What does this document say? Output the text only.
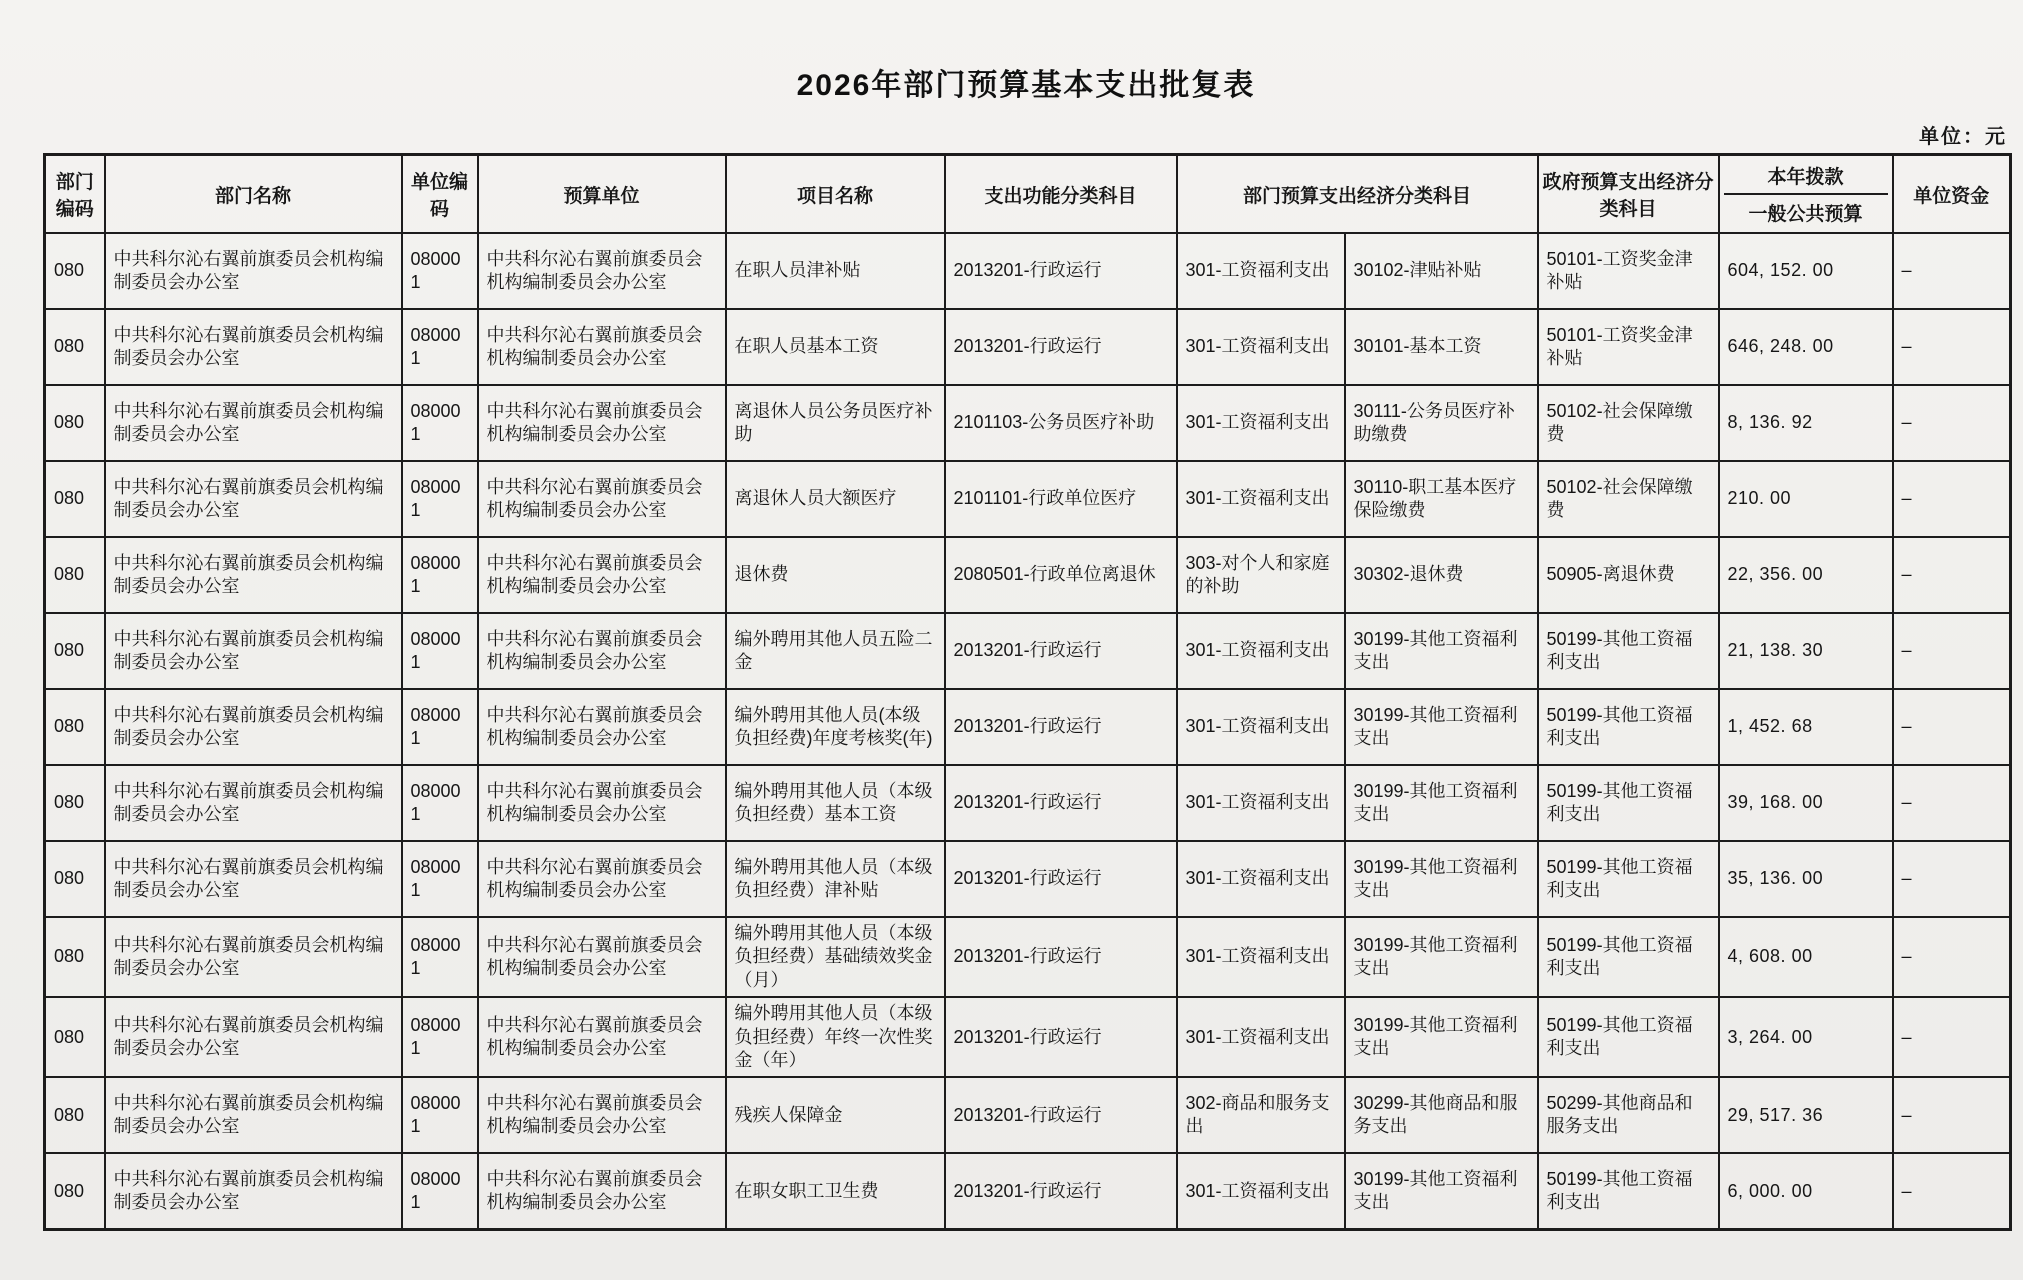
2026年部门预算基本支出批复表
单位：元
部门编码	部门名称	单位编码	预算单位	项目名称	支出功能分类科目	部门预算支出经济分类科目		政府预算支出经济分类科目	本年拨款
一般公共预算	单位资金
080	中共科尔沁右翼前旗委员会机构编制委员会办公室	080001	中共科尔沁右翼前旗委员会机构编制委员会办公室	在职人员津补贴	2013201-行政运行	301-工资福利支出	30102-津贴补贴	50101-工资奖金津补贴	604, 152. 00	–
080	中共科尔沁右翼前旗委员会机构编制委员会办公室	080001	中共科尔沁右翼前旗委员会机构编制委员会办公室	在职人员基本工资	2013201-行政运行	301-工资福利支出	30101-基本工资	50101-工资奖金津补贴	646, 248. 00	–
080	中共科尔沁右翼前旗委员会机构编制委员会办公室	080001	中共科尔沁右翼前旗委员会机构编制委员会办公室	离退休人员公务员医疗补助	2101103-公务员医疗补助	301-工资福利支出	30111-公务员医疗补助缴费	50102-社会保障缴费	8, 136. 92	–
080	中共科尔沁右翼前旗委员会机构编制委员会办公室	080001	中共科尔沁右翼前旗委员会机构编制委员会办公室	离退休人员大额医疗	2101101-行政单位医疗	301-工资福利支出	30110-职工基本医疗保险缴费	50102-社会保障缴费	210. 00	–
080	中共科尔沁右翼前旗委员会机构编制委员会办公室	080001	中共科尔沁右翼前旗委员会机构编制委员会办公室	退休费	2080501-行政单位离退休	303-对个人和家庭的补助	30302-退休费	50905-离退休费	22, 356. 00	–
080	中共科尔沁右翼前旗委员会机构编制委员会办公室	080001	中共科尔沁右翼前旗委员会机构编制委员会办公室	编外聘用其他人员五险二金	2013201-行政运行	301-工资福利支出	30199-其他工资福利支出	50199-其他工资福利支出	21, 138. 30	–
080	中共科尔沁右翼前旗委员会机构编制委员会办公室	080001	中共科尔沁右翼前旗委员会机构编制委员会办公室	编外聘用其他人员(本级负担经费)年度考核奖(年)	2013201-行政运行	301-工资福利支出	30199-其他工资福利支出	50199-其他工资福利支出	1, 452. 68	–
080	中共科尔沁右翼前旗委员会机构编制委员会办公室	080001	中共科尔沁右翼前旗委员会机构编制委员会办公室	编外聘用其他人员（本级负担经费）基本工资	2013201-行政运行	301-工资福利支出	30199-其他工资福利支出	50199-其他工资福利支出	39, 168. 00	–
080	中共科尔沁右翼前旗委员会机构编制委员会办公室	080001	中共科尔沁右翼前旗委员会机构编制委员会办公室	编外聘用其他人员（本级负担经费）津补贴	2013201-行政运行	301-工资福利支出	30199-其他工资福利支出	50199-其他工资福利支出	35, 136. 00	–
080	中共科尔沁右翼前旗委员会机构编制委员会办公室	080001	中共科尔沁右翼前旗委员会机构编制委员会办公室	编外聘用其他人员（本级负担经费）基础绩效奖金（月）	2013201-行政运行	301-工资福利支出	30199-其他工资福利支出	50199-其他工资福利支出	4, 608. 00	–
080	中共科尔沁右翼前旗委员会机构编制委员会办公室	080001	中共科尔沁右翼前旗委员会机构编制委员会办公室	编外聘用其他人员（本级负担经费）年终一次性奖金（年）	2013201-行政运行	301-工资福利支出	30199-其他工资福利支出	50199-其他工资福利支出	3, 264. 00	–
080	中共科尔沁右翼前旗委员会机构编制委员会办公室	080001	中共科尔沁右翼前旗委员会机构编制委员会办公室	残疾人保障金	2013201-行政运行	302-商品和服务支出	30299-其他商品和服务支出	50299-其他商品和服务支出	29, 517. 36	–
080	中共科尔沁右翼前旗委员会机构编制委员会办公室	080001	中共科尔沁右翼前旗委员会机构编制委员会办公室	在职女职工卫生费	2013201-行政运行	301-工资福利支出	30199-其他工资福利支出	50199-其他工资福利支出	6, 000. 00	–
